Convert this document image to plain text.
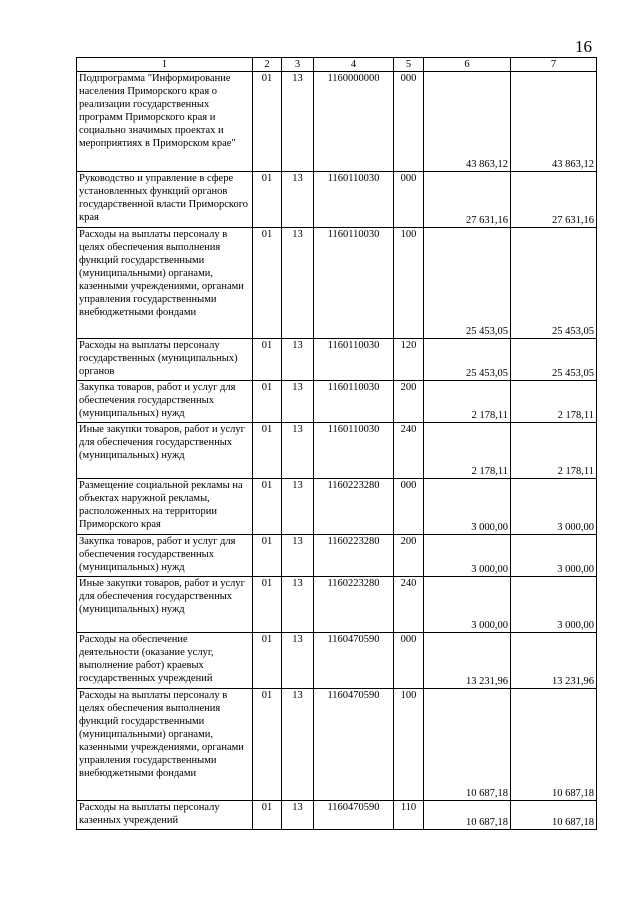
16
1	2	3	4	5	6	7
Подпрограмма "Информирование населения Приморского края о реализации государственных программ Приморского края и социально значимых проектах и мероприятиях в Приморском крае"	01	13	1160000000	000	43 863,12	43 863,12
Руководство и управление в сфере установленных функций органов государственной власти Приморского края	01	13	1160110030	000	27 631,16	27 631,16
Расходы на выплаты персоналу в целях обеспечения выполнения функций государственными (муниципальными) органами, казенными учреждениями, органами управления государственными внебюджетными фондами	01	13	1160110030	100	25 453,05	25 453,05
Расходы на выплаты персоналу государственных (муниципальных) органов	01	13	1160110030	120	25 453,05	25 453,05
Закупка товаров, работ и услуг для обеспечения государственных (муниципальных) нужд	01	13	1160110030	200	2 178,11	2 178,11
Иные закупки товаров, работ и услуг для обеспечения государственных (муниципальных) нужд	01	13	1160110030	240	2 178,11	2 178,11
Размещение социальной рекламы на объектах наружной рекламы, расположенных на территории Приморского края	01	13	1160223280	000	3 000,00	3 000,00
Закупка товаров, работ и услуг для обеспечения государственных (муниципальных) нужд	01	13	1160223280	200	3 000,00	3 000,00
Иные закупки товаров, работ и услуг для обеспечения государственных (муниципальных) нужд	01	13	1160223280	240	3 000,00	3 000,00
Расходы на обеспечение деятельности (оказание услуг, выполнение работ) краевых государственных учреждений	01	13	1160470590	000	13 231,96	13 231,96
Расходы на выплаты персоналу в целях обеспечения выполнения функций государственными (муниципальными) органами, казенными учреждениями, органами управления государственными внебюджетными фондами	01	13	1160470590	100	10 687,18	10 687,18
Расходы на выплаты персоналу казенных учреждений	01	13	1160470590	110	10 687,18	10 687,18
